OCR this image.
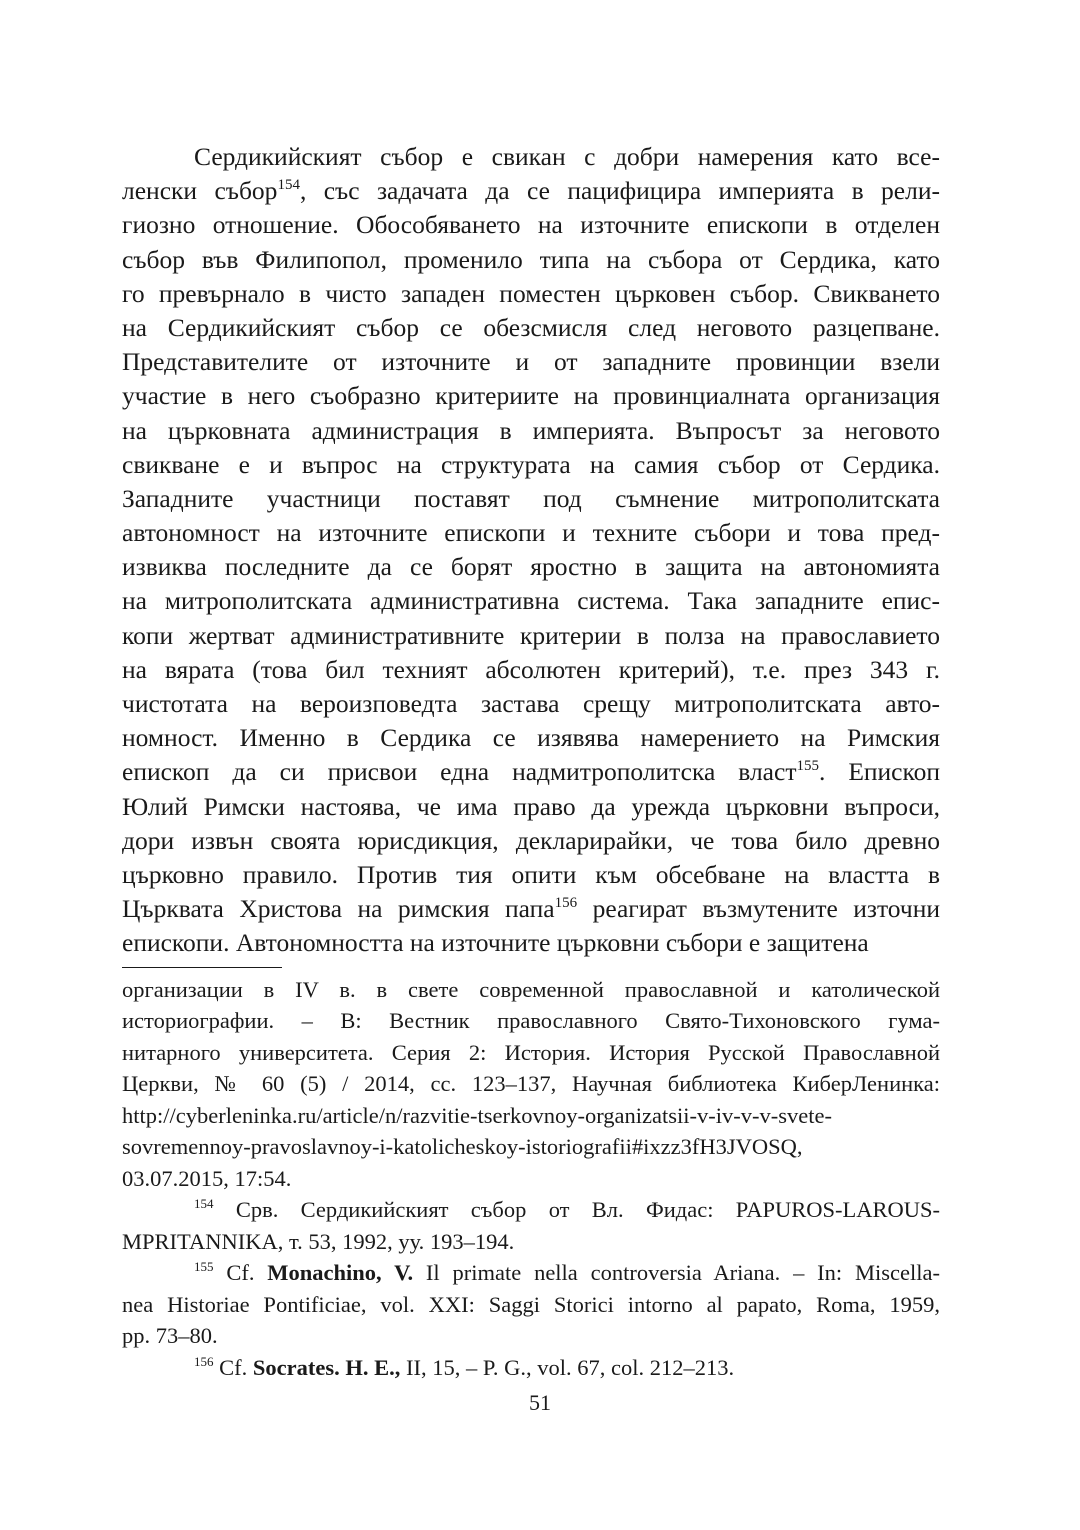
Сердикийският събор е свикан с добри намерения като все-
ленски събор$^{154}$, със задачата да се пацифицира империята в рели-
гиозно отношение. Обособяването на източните епископи в отделен
събор във Филипопол, променило типа на събора от Сердика, като
го превърнало в чисто западен поместен църковен събор. Свикването
на Сердикийският събор се обезсмисля след неговото разцепване.
Представителите от източните и от западните провинции взели
участие в него съобразно критериите на провинциалната организация
на църковната администрация в империята. Въпросът за неговото
свикване е и въпрос на структурата на самия събор от Сердика.
Западните участници поставят под съмнение митрополитската
автономност на източните епископи и техните събори и това пред-
извиква последните да се борят яростно в защита на автономията
на митрополитската административна система. Така западните епис-
копи жертват административните критерии в полза на православието
на вярата (това бил техният абсолютен критерий), т.е. през 343 г.
чистотата на вероизповедта застава срещу митрополитската авто-
номност. Именно в Сердика се изявява намерението на Римския
епископ да си присвои една надмитрополитска власт$^{155}$. Епископ
Юлий Римски настоява, че има право да урежда църковни въпроси,
дори извън своята юрисдикция, декларирайки, че това било древно
църковно правило. Против тия опити към обсебване на властта в
Църквата Христова на римския папа$^{156}$ реагират възмутените източни
епископи. Автономността на източните църковни събори е защитена
организации в IV в. в свете современной православной и католической
историографии. – В: Вестник православного Свято-Тихоновского гума-
нитарного университета. Серия 2: История. История Русской Православной
Церкви, № 60 (5) / 2014, сс. 123–137, Научная библиотека КиберЛенинка:
http://cyberleninka.ru/article/n/razvitie-tserkovnoy-organizatsii-v-iv-v-v-svete-
sovremennoy-pravoslavnoy-i-katolicheskoy-istoriografii#ixzz3fH3JVOSQ,
03.07.2015, 17:54.
$^{154}$ Срв. Сердикийският събор от Вл. Фидас: PAPUROS-LAROUS-
MPRITANNIKA, т. 53, 1992, уу. 193–194.
$^{155}$ Cf. Monachino, V. Il primate nella controversia Ariana. – In: Miscella-
nea Historiae Pontificiae, vol. XXI: Saggi Storici intorno al papato, Roma, 1959,
pp. 73–80.
$^{156}$ Cf. Socrates. H. E., II, 15, – P. G., vol. 67, col. 212–213.
51
